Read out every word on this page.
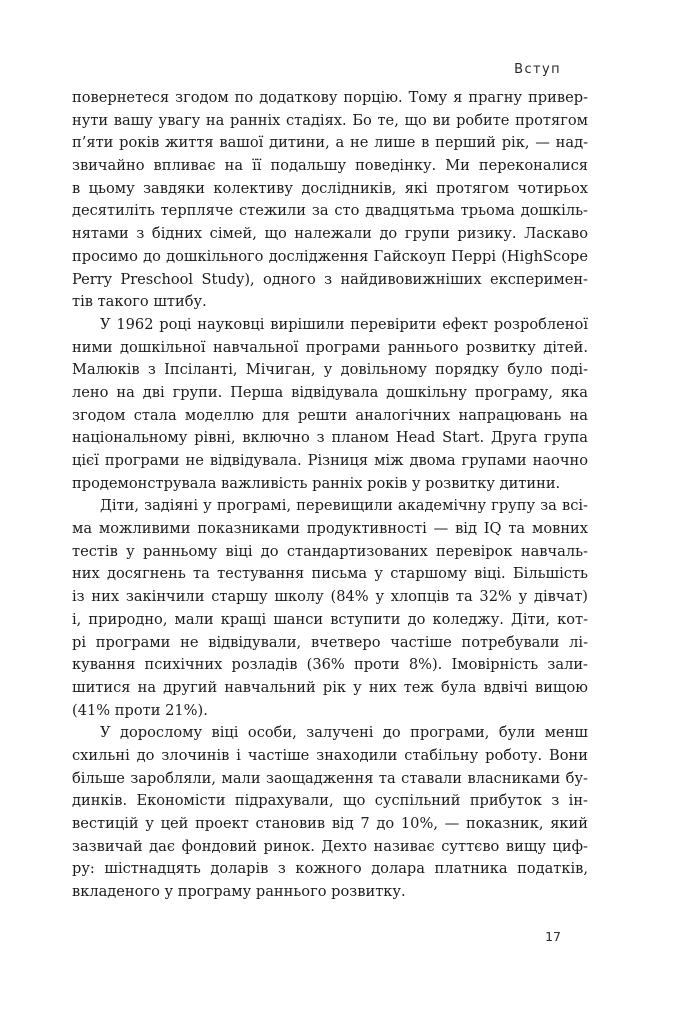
Вступ
повернетеся згодом по додаткову порцію. Тому я прагну привер-
нути вашу увагу на ранніх стадіях. Бо те, що ви робите протягом
п’яти років життя вашої дитини, а не лише в перший рік, — над-
звичайно впливає на її подальшу поведінку. Ми переконалися
в цьому завдяки колективу дослідників, які протягом чотирьох
десятиліть терпляче стежили за сто двадцятьма трьома дошкіль-
нятами з бідних сімей, що належали до групи ризику. Ласкаво
просимо до дошкільного дослідження Гайскоуп Перрі (HighScope
Perry Preschool Study), одного з найдивовижніших експеримен-
тів такого штибу.
У 1962 році науковці вирішили перевірити ефект розробленої
ними дошкільної навчальної програми раннього розвитку дітей.
Малюків з Іпсіланті, Мічиган, у довільному порядку було поді-
лено на дві групи. Перша відвідувала дошкільну програму, яка
згодом стала моделлю для решти аналогічних напрацювань на
національному рівні, включно з планом Head Start. Друга група
цієї програми не відвідувала. Різниця між двома групами наочно
продемонструвала важливість ранніх років у розвитку дитини.
Діти, задіяні у програмі, перевищили академічну групу за всі-
ма можливими показниками продуктивності — від IQ та мовних
тестів у ранньому віці до стандартизованих перевірок навчаль-
них досягнень та тестування письма у старшому віці. Більшість
із них закінчили старшу школу (84% у хлопців та 32% у дівчат)
і, природно, мали кращі шанси вступити до коледжу. Діти, кот-
рі програми не відвідували, вчетверо частіше потребували лі-
кування психічних розладів (36% проти 8%). Імовірність зали-
шитися на другий навчальний рік у них теж була вдвічі вищою
(41% проти 21%).
У дорослому віці особи, залучені до програми, були менш
схильні до злочинів і частіше знаходили стабільну роботу. Вони
більше заробляли, мали заощадження та ставали власниками бу-
динків. Економісти підрахували, що суспільний прибуток з ін-
вестицій у цей проект становив від 7 до 10%, — показник, який
зазвичай дає фондовий ринок. Дехто називає суттєво вищу циф-
ру: шістнадцять доларів з кожного долара платника податків,
вкладеного у програму раннього розвитку.
17
